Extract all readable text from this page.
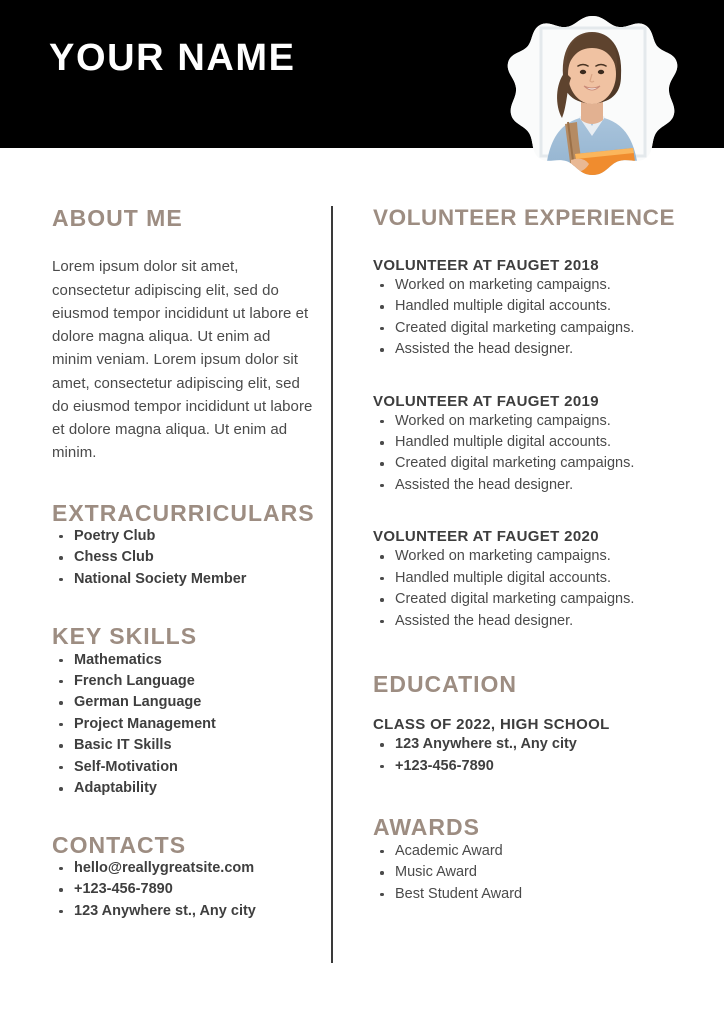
YOUR NAME
ABOUT ME

Lorem ipsum dolor sit amet, consectetur adipiscing elit, sed do eiusmod tempor incididunt ut labore et dolore magna aliqua. Ut enim ad minim veniam. Lorem ipsum dolor sit amet, consectetur adipiscing elit, sed do eiusmod tempor incididunt ut labore et dolore magna aliqua. Ut enim ad minim.

EXTRACURRICULARS
Poetry Club
Chess Club
National Society Member
KEY SKILLS
Mathematics
French Language
German Language
Project Management
Basic IT Skills
Self-Motivation
Adaptability
CONTACTS
hello@reallygreatsite.com
+123-456-7890
123 Anywhere st., Any city
VOLUNTEER EXPERIENCE
VOLUNTEER AT FAUGET 2018
Worked on marketing campaigns.
Handled multiple digital accounts.
Created digital marketing campaigns.
Assisted the head designer.
VOLUNTEER AT FAUGET 2019
Worked on marketing campaigns.
Handled multiple digital accounts.
Created digital marketing campaigns.
Assisted the head designer.
VOLUNTEER AT FAUGET 2020
Worked on marketing campaigns.
Handled multiple digital accounts.
Created digital marketing campaigns.
Assisted the head designer.
EDUCATION
CLASS OF 2022, HIGH SCHOOL
123 Anywhere st., Any city
+123-456-7890
AWARDS
Academic Award
Music Award
Best Student Award
